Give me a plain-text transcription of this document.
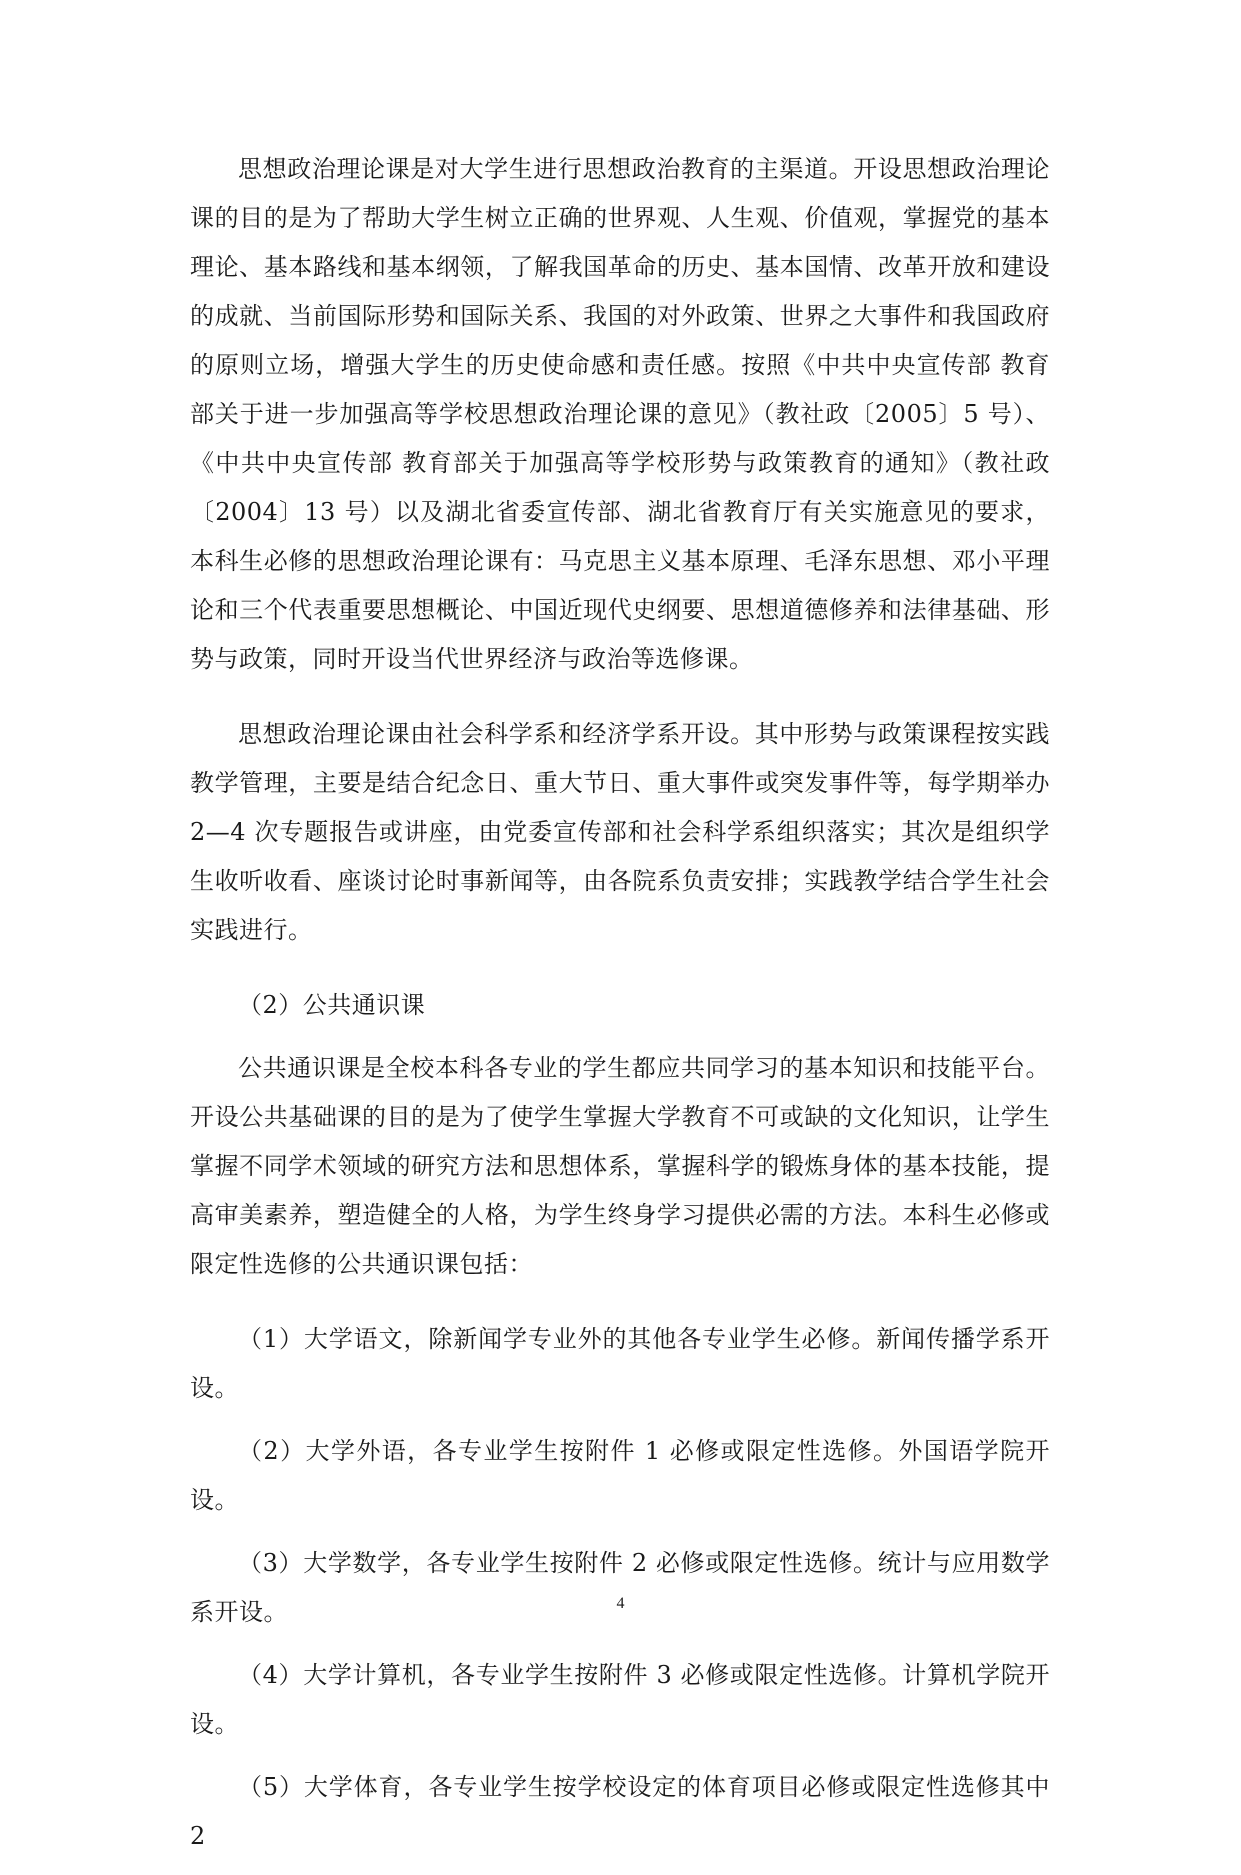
思想政治理论课是对大学生进行思想政治教育的主渠道。开设思想政治理论课的目的是为了帮助大学生树立正确的世界观、人生观、价值观，掌握党的基本理论、基本路线和基本纲领，了解我国革命的历史、基本国情、改革开放和建设的成就、当前国际形势和国际关系、我国的对外政策、世界之大事件和我国政府的原则立场，增强大学生的历史使命感和责任感。按照《中共中央宣传部 教育部关于进一步加强高等学校思想政治理论课的意见》（教社政〔2005〕5 号）、《中共中央宣传部 教育部关于加强高等学校形势与政策教育的通知》（教社政〔2004〕13 号）以及湖北省委宣传部、湖北省教育厅有关实施意见的要求，本科生必修的思想政治理论课有：马克思主义基本原理、毛泽东思想、邓小平理论和三个代表重要思想概论、中国近现代史纲要、思想道德修养和法律基础、形势与政策，同时开设当代世界经济与政治等选修课。

思想政治理论课由社会科学系和经济学系开设。其中形势与政策课程按实践教学管理，主要是结合纪念日、重大节日、重大事件或突发事件等，每学期举办2—4 次专题报告或讲座，由党委宣传部和社会科学系组织落实；其次是组织学生收听收看、座谈讨论时事新闻等，由各院系负责安排；实践教学结合学生社会实践进行。

（2）公共通识课

公共通识课是全校本科各专业的学生都应共同学习的基本知识和技能平台。开设公共基础课的目的是为了使学生掌握大学教育不可或缺的文化知识，让学生掌握不同学术领域的研究方法和思想体系，掌握科学的锻炼身体的基本技能，提高审美素养，塑造健全的人格，为学生终身学习提供必需的方法。本科生必修或限定性选修的公共通识课包括：

（1）大学语文，除新闻学专业外的其他各专业学生必修。新闻传播学系开设。

（2）大学外语，各专业学生按附件 1 必修或限定性选修。外国语学院开设。

（3）大学数学，各专业学生按附件 2 必修或限定性选修。统计与应用数学系开设。

（4）大学计算机，各专业学生按附件 3 必修或限定性选修。计算机学院开设。

（5）大学体育，各专业学生按学校设定的体育项目必修或限定性选修其中 2

4
